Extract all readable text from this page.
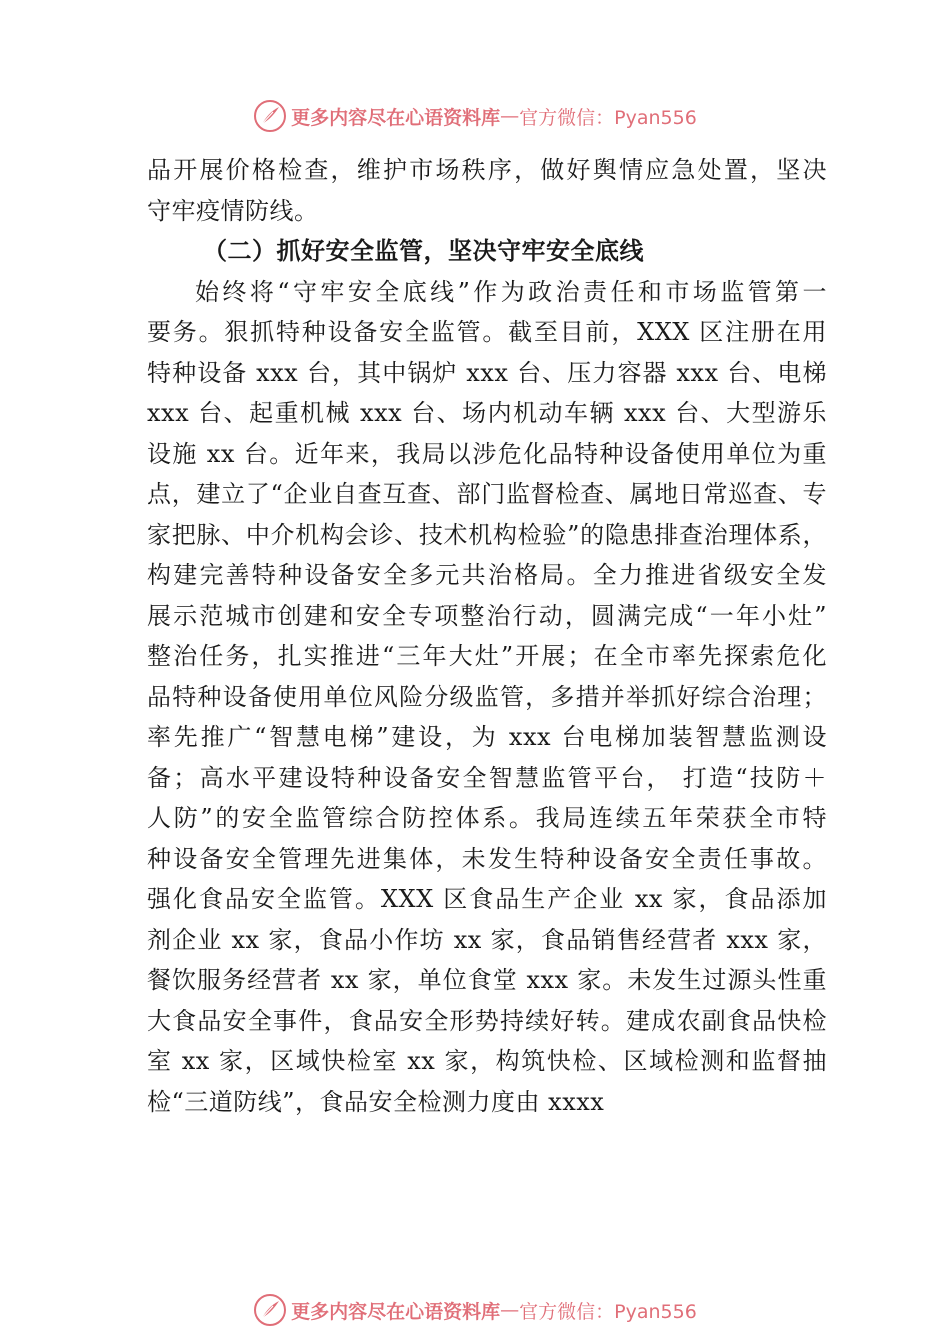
更多内容尽在心语资料库 — 官方微信：Pyan556
品开展价格检查，维护市场秩序，做好舆情应急处置，坚决
守牢疫情防线。
（二）抓好安全监管，坚决守牢安全底线
始终将“守牢安全底线”作为政治责任和市场监管第一
要务。狠抓特种设备安全监管。截至目前，XXX 区注册在用
特种设备 xxx 台，其中锅炉 xxx 台、压力容器 xxx 台、电梯
xxx 台、起重机械 xxx 台、场内机动车辆 xxx 台、大型游乐
设施 xx 台。近年来，我局以涉危化品特种设备使用单位为重
点，建立了“企业自查互查、部门监督检查、属地日常巡查、专
家把脉、中介机构会诊、技术机构检验”的隐患排查治理体系，
构建完善特种设备安全多元共治格局。全力推进省级安全发
展示范城市创建和安全专项整治行动，圆满完成“一年小灶”
整治任务，扎实推进“三年大灶”开展；在全市率先探索危化
品特种设备使用单位风险分级监管，多措并举抓好综合治理；
率先推广“智慧电梯”建设，为 xxx 台电梯加装智慧监测设
备；高水平建设特种设备安全智慧监管平台， 打造“技防＋
人防”的安全监管综合防控体系。我局连续五年荣获全市特
种设备安全管理先进集体，未发生特种设备安全责任事故。
强化食品安全监管。XXX 区食品生产企业 xx 家，食品添加
剂企业 xx 家，食品小作坊 xx 家，食品销售经营者 xxx 家，
餐饮服务经营者 xx 家，单位食堂 xxx 家。未发生过源头性重
大食品安全事件，食品安全形势持续好转。建成农副食品快检
室 xx 家，区域快检室 xx 家，构筑快检、区域检测和监督抽
检“三道防线”，食品安全检测力度由 xxxx
更多内容尽在心语资料库 — 官方微信：Pyan556
